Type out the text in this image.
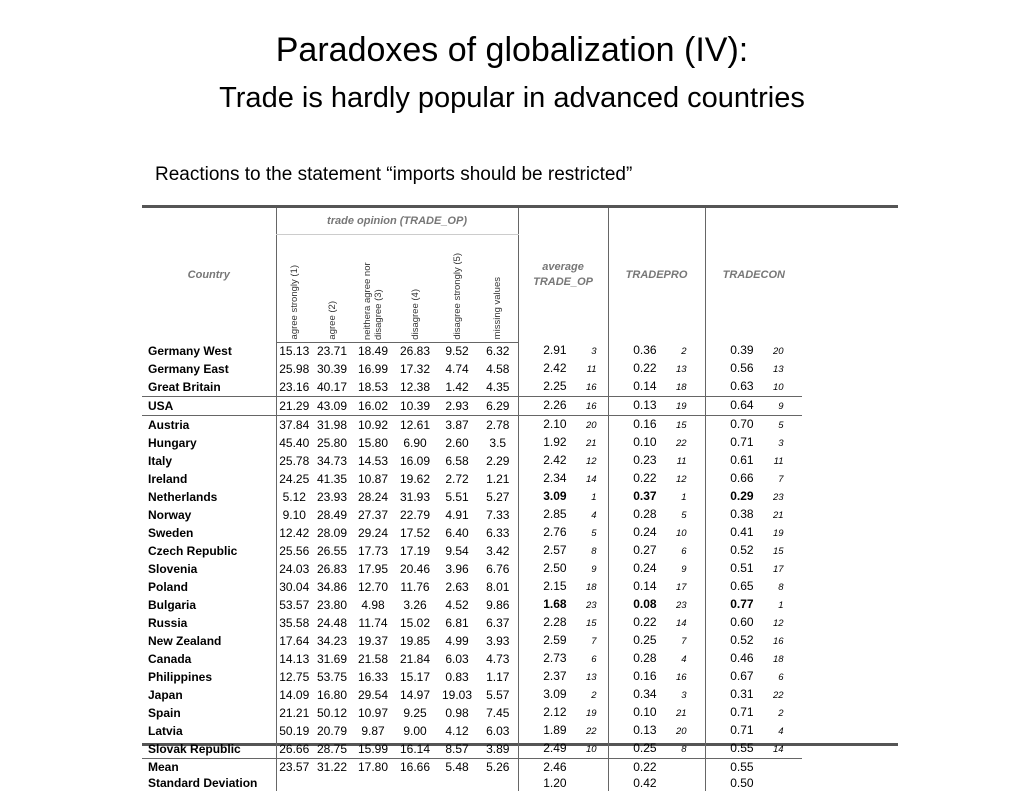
Paradoxes of globalization (IV):
Trade is hardly popular in advanced countries
Reactions to the statement “imports should be restricted”
Country	trade opinion (TRADE_OP)						average
TRADE_OP	TRADEPRO	TRADECON

	agree strongly (1)	agree (2)	neithera agree nor disagree (3)	disagree (4)	disagree strongly (5)	missing values			

Germany West	15.13	23.71	18.49	26.83	9.52	6.32	2.91 3	0.36 2	0.39 20
Germany East	25.98	30.39	16.99	17.32	4.74	4.58	2.42 11	0.22 13	0.56 13
Great Britain	23.16	40.17	18.53	12.38	1.42	4.35	2.25 16	0.14 18	0.63 10
USA	21.29	43.09	16.02	10.39	2.93	6.29	2.26 16	0.13 19	0.64 9
Austria	37.84	31.98	10.92	12.61	3.87	2.78	2.10 20	0.16 15	0.70 5
Hungary	45.40	25.80	15.80	6.90	2.60	3.5	1.92 21	0.10 22	0.71 3
Italy	25.78	34.73	14.53	16.09	6.58	2.29	2.42 12	0.23 11	0.61 11
Ireland	24.25	41.35	10.87	19.62	2.72	1.21	2.34 14	0.22 12	0.66 7
Netherlands	5.12	23.93	28.24	31.93	5.51	5.27	3.09 1	0.37 1	0.29 23
Norway	9.10	28.49	27.37	22.79	4.91	7.33	2.85 4	0.28 5	0.38 21
Sweden	12.42	28.09	29.24	17.52	6.40	6.33	2.76 5	0.24 10	0.41 19
Czech Republic	25.56	26.55	17.73	17.19	9.54	3.42	2.57 8	0.27 6	0.52 15
Slovenia	24.03	26.83	17.95	20.46	3.96	6.76	2.50 9	0.24 9	0.51 17
Poland	30.04	34.86	12.70	11.76	2.63	8.01	2.15 18	0.14 17	0.65 8
Bulgaria	53.57	23.80	4.98	3.26	4.52	9.86	1.68 23	0.08 23	0.77 1
Russia	35.58	24.48	11.74	15.02	6.81	6.37	2.28 15	0.22 14	0.60 12
New Zealand	17.64	34.23	19.37	19.85	4.99	3.93	2.59 7	0.25 7	0.52 16
Canada	14.13	31.69	21.58	21.84	6.03	4.73	2.73 6	0.28 4	0.46 18
Philippines	12.75	53.75	16.33	15.17	0.83	1.17	2.37 13	0.16 16	0.67 6
Japan	14.09	16.80	29.54	14.97	19.03	5.57	3.09 2	0.34 3	0.31 22
Spain	21.21	50.12	10.97	9.25	0.98	7.45	2.12 19	0.10 21	0.71 2
Latvia	50.19	20.79	9.87	9.00	4.12	6.03	1.89 22	0.13 20	0.71 4
Slovak Republic	26.66	28.75	15.99	16.14	8.57	3.89	2.49 10	0.25 8	0.55 14
Mean	23.57	31.22	17.80	16.66	5.48	5.26	2.46	0.22	0.55
Standard Deviation							1.20	0.42	0.50
